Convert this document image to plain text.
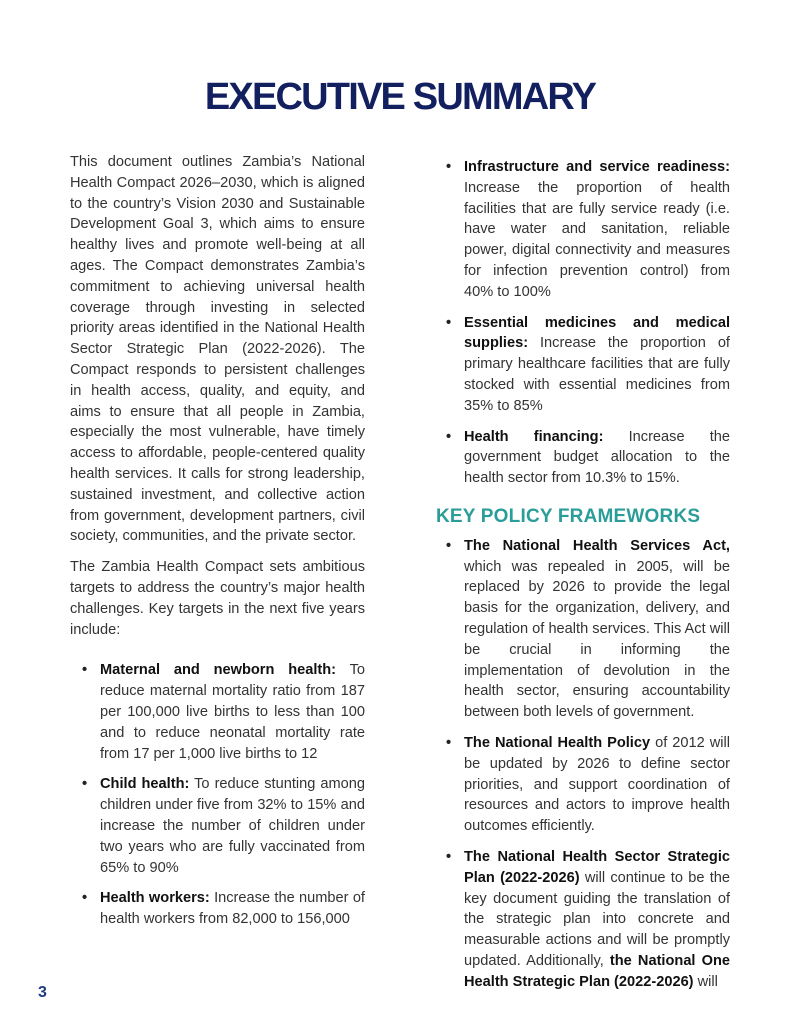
EXECUTIVE SUMMARY

This document outlines Zambia’s National Health Compact 2026–2030, which is aligned to the country’s Vision 2030 and Sustainable Development Goal 3, which aims to ensure healthy lives and promote well-being at all ages. The Compact demonstrates Zambia’s commitment to achieving universal health coverage through investing in selected priority areas identified in the National Health Sector Strategic Plan (2022-2026). The Compact responds to persistent challenges in health access, quality, and equity, and aims to ensure that all people in Zambia, especially the most vulnerable, have timely access to affordable, people-centered quality health services. It calls for strong leadership, sustained investment, and collective action from government, development partners, civil society, communities, and the private sector.

The Zambia Health Compact sets ambitious targets to address the country’s major health challenges. Key targets in the next five years include:

• Maternal and newborn health: To reduce maternal mortality ratio from 187 per 100,000 live births to less than 100 and to reduce neonatal mortality rate from 17 per 1,000 live births to 12
• Child health: To reduce stunting among children under five from 32% to 15% and increase the number of children under two years who are fully vaccinated from 65% to 90%
• Health workers: Increase the number of health workers from 82,000 to 156,000
• Infrastructure and service readiness: Increase the proportion of health facilities that are fully service ready (i.e. have water and sanitation, reliable power, digital connectivity and measures for infection prevention control) from 40% to 100%
• Essential medicines and medical supplies: Increase the proportion of primary healthcare facilities that are fully stocked with essential medicines from 35% to 85%
• Health financing: Increase the government budget allocation to the health sector from 10.3% to 15%.
KEY POLICY FRAMEWORKS
• The National Health Services Act, which was repealed in 2005, will be replaced by 2026 to provide the legal basis for the organization, delivery, and regulation of health services. This Act will be crucial in informing the implementation of devolution in the health sector, ensuring accountability between both levels of government.
• The National Health Policy of 2012 will be updated by 2026 to define sector priorities, and support coordination of resources and actors to improve health outcomes efficiently.
• The National Health Sector Strategic Plan (2022-2026) will continue to be the key document guiding the translation of the strategic plan into concrete and measurable actions and will be promptly updated. Additionally, the National One Health Strategic Plan (2022-2026) will
3
